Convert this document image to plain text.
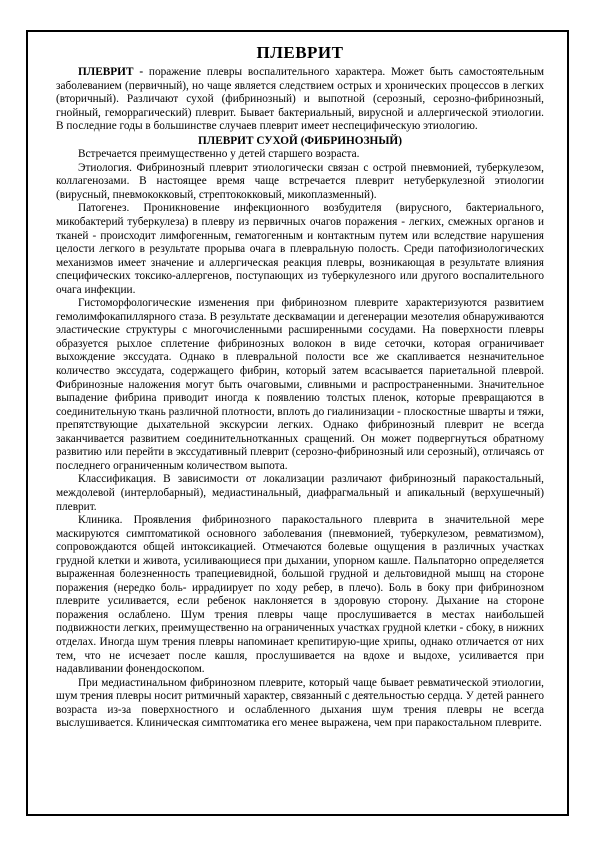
ПЛЕВРИТ

ПЛЕВРИТ - поражение плевры воспалительного характера. Может быть самостоятельным заболеванием (первичный), но чаще является следствием острых и хронических процессов в легких (вторичный). Различают сухой (фибринозный) и выпотной (серозный, серозно-фибринозный, гнойный, геморрагический) плеврит. Бывает бактериальный, вирусной и аллергической этиологии. В последние годы в большинстве случаев плеврит имеет неспецифическую этиологию.

ПЛЕВРИТ СУХОЙ (ФИБРИНОЗНЫЙ)

Встречается преимущественно у детей старшего возраста.

Этиология. Фибринозный плеврит этиологически связан с острой пневмонией, туберкулезом, коллагенозами. В настоящее время чаще встречается плеврит нетуберкулезной этиологии (вирусный, пневмококковый, стрептококковый, микоплазменный).

Патогенез. Проникновение инфекционного возбудителя (вирусного, бактериального, микобактерий туберкулеза) в плевру из первичных очагов поражения - легких, смежных органов и тканей - происходит лимфогенным, гематогенным и контактным путем или вследствие нарушения целости легкого в результате прорыва очага в плевральную полость. Среди патофизиологических механизмов имеет значение и аллергическая реакция плевры, возникающая в результате влияния специфических токсико-аллергенов, поступающих из туберкулезного или другого воспалительного очага инфекции.

Гистоморфологические изменения при фибринозном плеврите характеризуются развитием гемолимфокапиллярного стаза. В результате десквамации и дегенерации мезотелия обнаруживаются эластические структуры с многочисленными расширенными сосудами. На поверхности плевры образуется рыхлое сплетение фибринозных волокон в виде сеточки, которая ограничивает выхождение экссудата. Однако в плевральной полости все же скапливается незначительное количество экссудата, содержащего фибрин, который затем всасывается париетальной плеврой. Фибринозные наложения могут быть очаговыми, сливными и распространенными. Значительное выпадение фибрина приводит иногда к появлению толстых пленок, которые превращаются в соединительную ткань различной плотности, вплоть до гиалинизации - плоскостные шварты и тяжи, препятствующие дыхательной экскурсии легких. Однако фибринозный плеврит не всегда заканчивается развитием соединительнотканных сращений. Он может подвергнуться обратному развитию или перейти в экссудативный плеврит (серозно-фибринозный или серозный), отличаясь от последнего ограниченным количеством выпота.

Классификация. В зависимости от локализации различают фибринозный паракостальный, междолевой (интерлобарный), медиастинальный, диафрагмальный и апикальный (верхушечный) плеврит.

Клиника. Проявления фибринозного паракостального плеврита в значительной мере маскируются симптоматикой основного заболевания (пневмонией, туберкулезом, ревматизмом), сопровождаются общей интоксикацией. Отмечаются болевые ощущения в различных участках грудной клетки и живота, усиливающиеся при дыхании, упорном кашле. Пальпаторно определяется выраженная болезненность трапециевидной, большой грудной и дельтовидной мышц на стороне поражения (нередко боль- иррадиирует по ходу ребер, в плечо). Боль в боку при фибринозном плеврите усиливается, если ребенок наклоняется в здоровую сторону. Дыхание на стороне поражения ослаблено. Шум трения плевры чаще прослушивается в местах наибольшей подвижности легких, преимущественно на ограниченных участках грудной клетки - сбоку, в нижних отделах. Иногда шум трения плевры напоминает крепитирую-щие хрипы, однако отличается от них тем, что не исчезает после кашля, прослушивается на вдохе и выдохе, усиливается при надавливании фонендоскопом.

При медиастинальном фибринозном плеврите, который чаще бывает ревматической этиологии, шум трения плевры носит ритмичный характер, связанный с деятельностью сердца. У детей раннего возраста из-за поверхностного и ослабленного дыхания шум трения плевры не всегда выслушивается. Клиническая симптоматика его менее выражена, чем при паракостальном плеврите.
